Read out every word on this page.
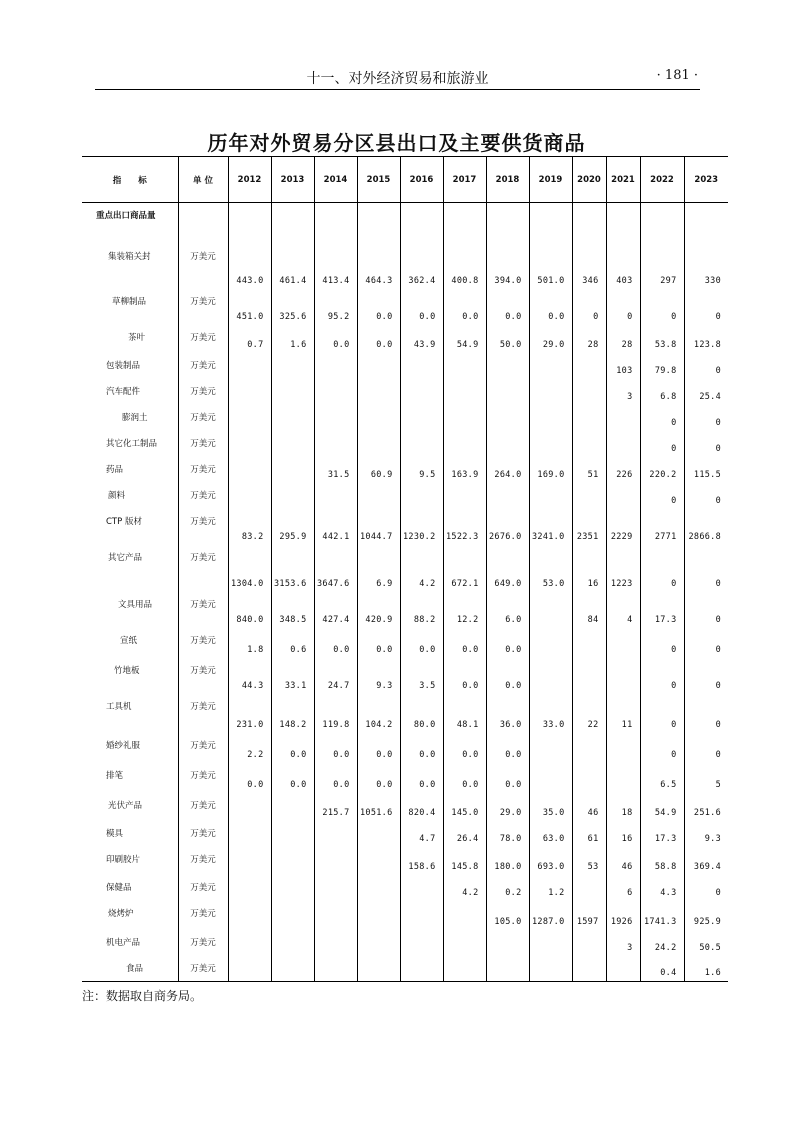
十一、对外经济贸易和旅游业	· 181 ·
历年对外贸易分区县出口及主要供货商品
指　　标	单 位	2012	2013	2014	2015	2016	2017	2018	2019	2020	2021	2022	2023
重点出口商品量													
集装箱关封	万美元	443.0	461.4	413.4	464.3	362.4	400.8	394.0	501.0	346	403	297	330
草柳制品	万美元	451.0	325.6	95.2	0.0	0.0	0.0	0.0	0.0	0	0	0	0
茶叶	万美元	0.7	1.6	0.0	0.0	43.9	54.9	50.0	29.0	28	28	53.8	123.8
包装制品	万美元										103	79.8	0
汽车配件	万美元										3	6.8	25.4
膨润土	万美元											0	0
其它化工制品	万美元											0	0
药品	万美元			31.5	60.9	9.5	163.9	264.0	169.0	51	226	220.2	115.5
颜料	万美元											0	0
CTP 版材	万美元	83.2	295.9	442.1	1044.7	1230.2	1522.3	2676.0	3241.0	2351	2229	2771	2866.8
其它产品	万美元	1304.0	3153.6	3647.6	6.9	4.2	672.1	649.0	53.0	16	1223	0	0
文具用品	万美元	840.0	348.5	427.4	420.9	88.2	12.2	6.0		84	4	17.3	0
宣纸	万美元	1.8	0.6	0.0	0.0	0.0	0.0	0.0				0	0
竹地板	万美元	44.3	33.1	24.7	9.3	3.5	0.0	0.0				0	0
工具机	万美元	231.0	148.2	119.8	104.2	80.0	48.1	36.0	33.0	22	11	0	0
婚纱礼服	万美元	2.2	0.0	0.0	0.0	0.0	0.0	0.0				0	0
排笔	万美元	0.0	0.0	0.0	0.0	0.0	0.0	0.0				6.5	5
光伏产品	万美元			215.7	1051.6	820.4	145.0	29.0	35.0	46	18	54.9	251.6
模具	万美元					4.7	26.4	78.0	63.0	61	16	17.3	9.3
印刷胶片	万美元					158.6	145.8	180.0	693.0	53	46	58.8	369.4
保健品	万美元						4.2	0.2	1.2		6	4.3	0
烧烤炉	万美元							105.0	1287.0	1597	1926	1741.3	925.9
机电产品	万美元										3	24.2	50.5
食品	万美元											0.4	1.6
注：数据取自商务局。
